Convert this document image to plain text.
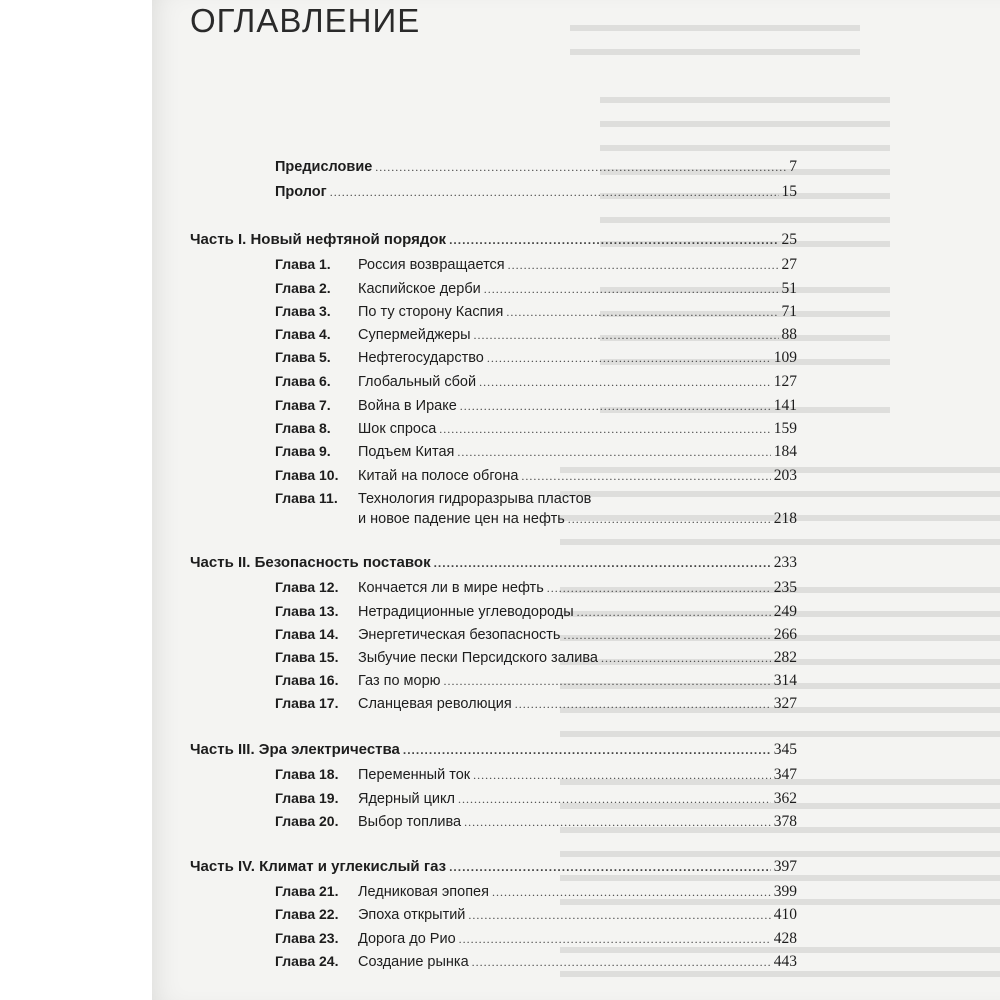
ОГЛАВЛЕНИЕ
Предисловие .....	7
Пролог .....	15
Часть I. Новый нефтяной порядок .....	25
Глава 1.	Россия возвращается .....	27
Глава 2.	Каспийское дерби .....	51
Глава 3.	По ту сторону Каспия .....	71
Глава 4.	Супермейджеры .....	88
Глава 5.	Нефтегосударство .....	109
Глава 6.	Глобальный сбой .....	127
Глава 7.	Война в Ираке .....	141
Глава 8.	Шок спроса .....	159
Глава 9.	Подъем Китая .....	184
Глава 10.	Китай на полосе обгона .....	203
Глава 11.	Технология гидроразрыва пластов
и новое падение цен на нефть .....	218
Часть II. Безопасность поставок .....	233
Глава 12.	Кончается ли в мире нефть .....	235
Глава 13.	Нетрадиционные углеводороды .....	249
Глава 14.	Энергетическая безопасность .....	266
Глава 15.	Зыбучие пески Персидского залива .....	282
Глава 16.	Газ по морю .....	314
Глава 17.	Сланцевая революция .....	327
Часть III. Эра электричества .....	345
Глава 18.	Переменный ток .....	347
Глава 19.	Ядерный цикл .....	362
Глава 20.	Выбор топлива .....	378
Часть IV. Климат и углекислый газ .....	397
Глава 21.	Ледниковая эпопея .....	399
Глава 22.	Эпоха открытий .....	410
Глава 23.	Дорога до Рио .....	428
Глава 24.	Создание рынка .....	443
